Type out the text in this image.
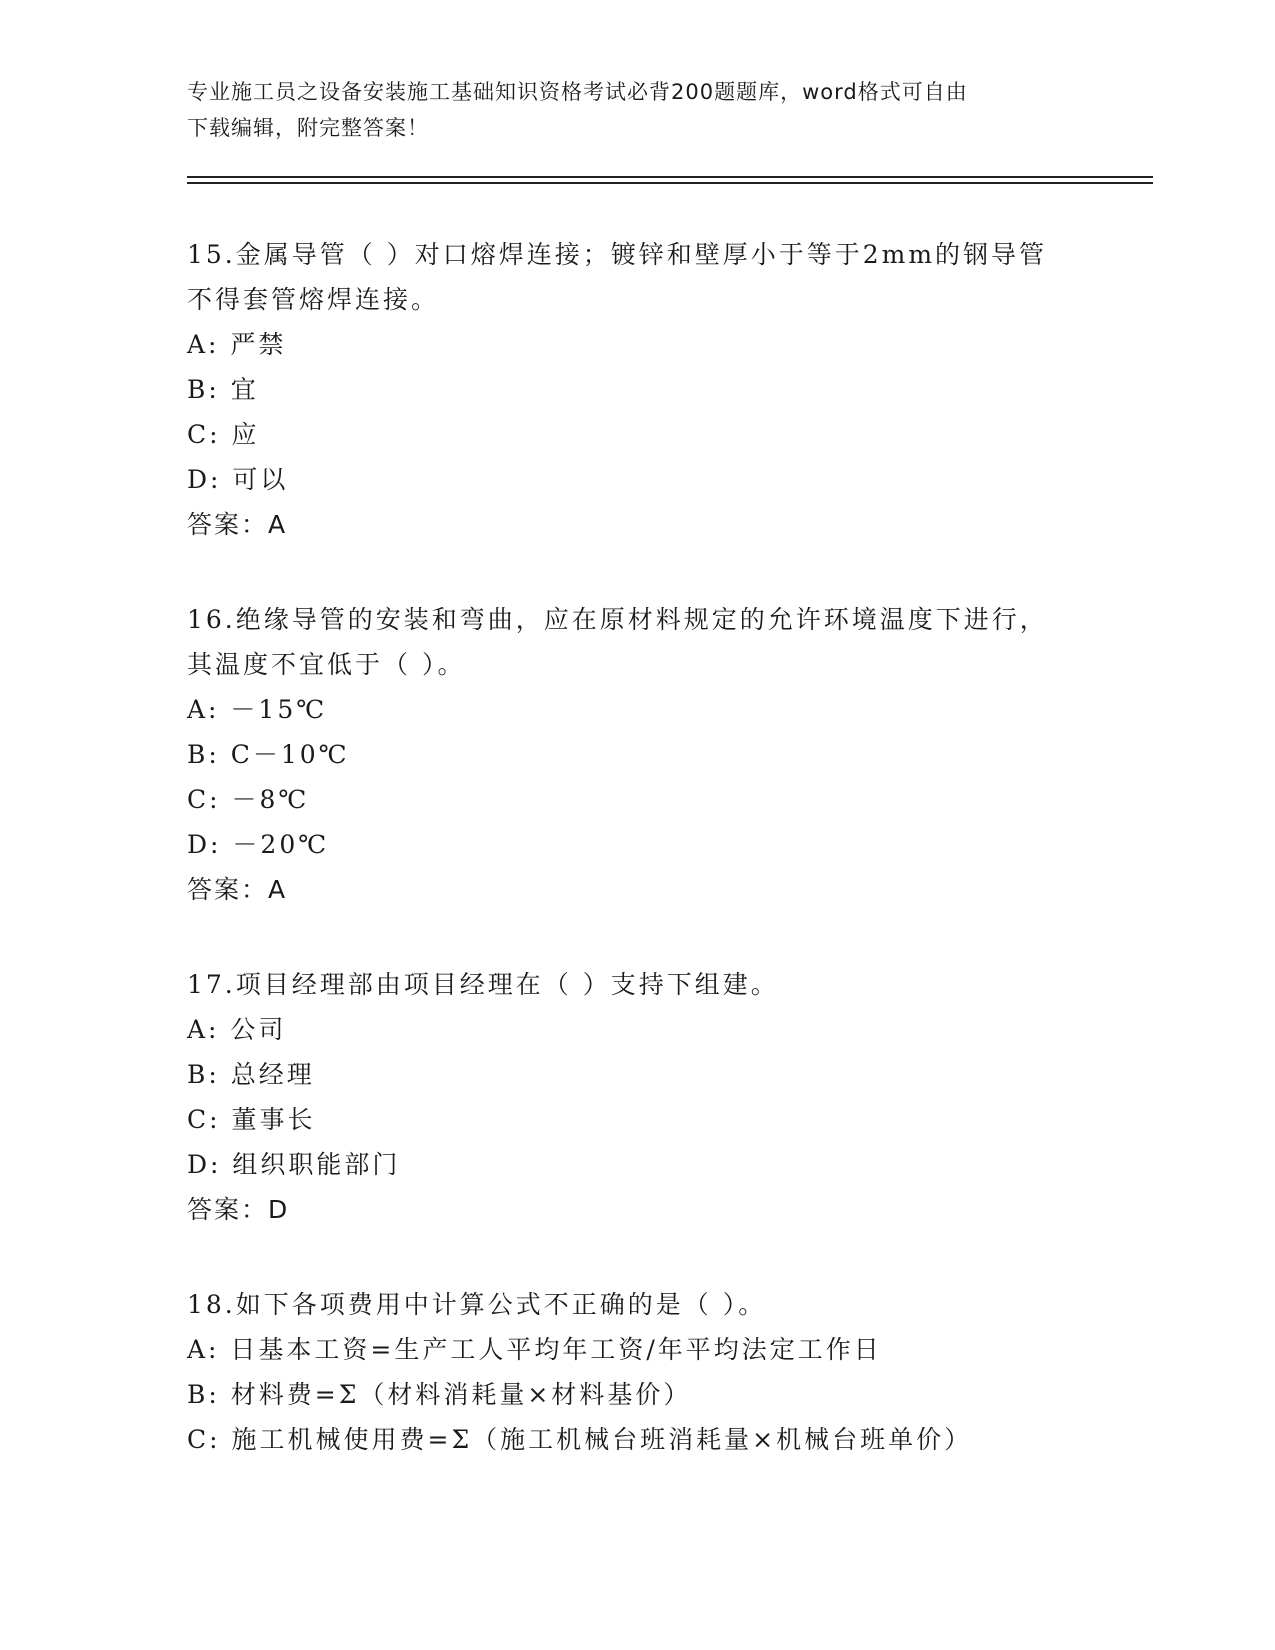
专业施工员之设备安装施工基础知识资格考试必背200题题库，word格式可自由
下载编辑，附完整答案！
15.金属导管（ ）对口熔焊连接；镀锌和壁厚小于等于2mm的钢导管
不得套管熔焊连接。
A: 严禁
B: 宜
C: 应
D: 可以
答案：A
16.绝缘导管的安装和弯曲，应在原材料规定的允许环境温度下进行，
其温度不宜低于（ ）。
A: －15℃
B: C－10℃
C: －8℃
D: －20℃
答案：A
17.项目经理部由项目经理在（ ）支持下组建。
A: 公司
B: 总经理
C: 董事长
D: 组织职能部门
答案：D
18.如下各项费用中计算公式不正确的是（ ）。
A: 日基本工资=生产工人平均年工资/年平均法定工作日
B: 材料费=Σ（材料消耗量×材料基价）
C: 施工机械使用费=Σ（施工机械台班消耗量×机械台班单价）
